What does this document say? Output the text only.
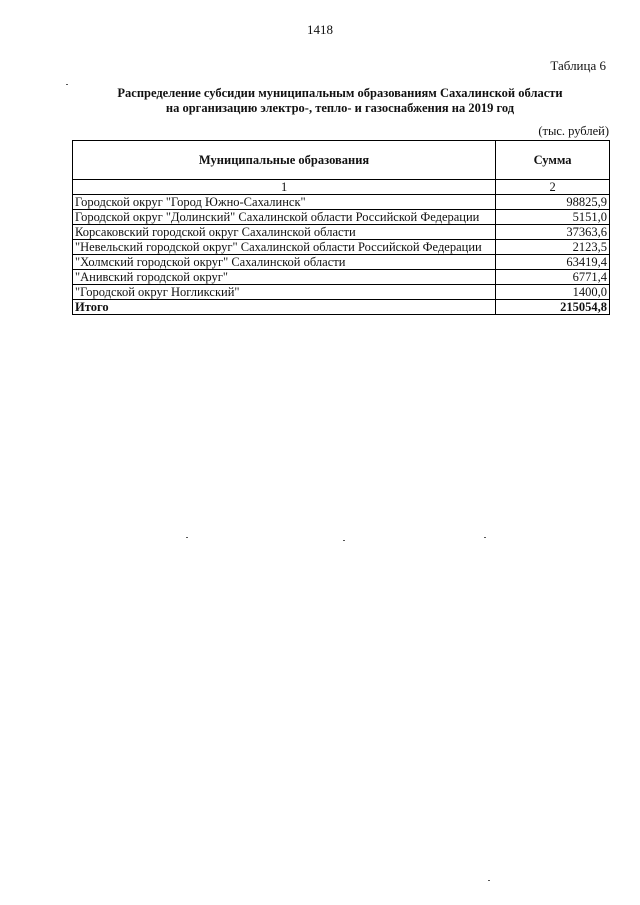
1418
Таблица 6
Распределение субсидии муниципальным образованиям Сахалинской области
на организацию электро-, тепло- и газоснабжения на 2019 год
(тыс. рублей)
Муниципальные образования	Сумма
1	2
Городской округ "Город Южно-Сахалинск"	98825,9
Городской округ "Долинский" Сахалинской области Российской Федерации	5151,0
Корсаковский городской округ Сахалинской области	37363,6
"Невельский городской округ" Сахалинской области Российской Федерации	2123,5
"Холмский городской округ" Сахалинской области	63419,4
"Анивский городской округ"	6771,4
"Городской округ Ногликский"	1400,0
Итого	215054,8
